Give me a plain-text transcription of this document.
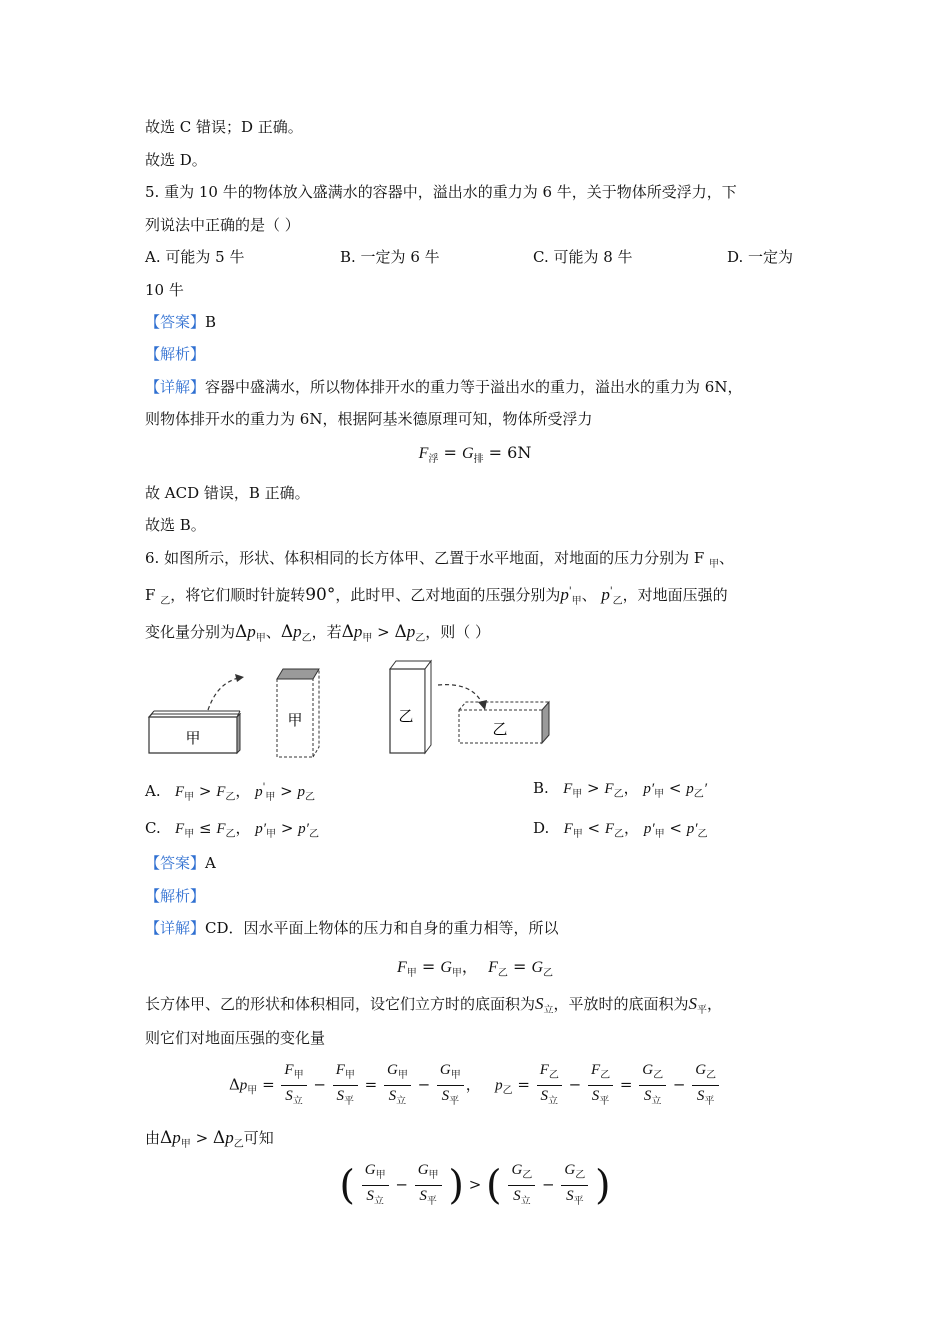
故选 C 错误；D 正确。
故选 D。
5. 重为 10 牛的物体放入盛满水的容器中，溢出水的重力为 6 牛，关于物体所受浮力，下
列说法中正确的是（ ）
A. 可能为 5 牛	B. 一定为 6 牛	C. 可能为 8 牛	D. 一定为
10 牛
【答案】B
【解析】
【详解】容器中盛满水，所以物体排开水的重力等于溢出水的重力，溢出水的重力为 6N，
则物体排开水的重力为 6N，根据阿基米德原理可知，物体所受浮力
$F_浮 = G_排 = 6N$
故 ACD 错误，B 正确。
故选 B。
6. 如图所示，形状、体积相同的长方体甲、乙置于水平地面，对地面的压力分别为 F $_甲$、
F $_乙$，将它们顺时针旋转90°，此时甲、乙对地面的压强分别为$p'_甲$、 $p'_乙$，对地面压强的
变化量分别为$\Delta p_甲$、$\Delta p_乙$，若$\Delta p_甲 > \Delta p_乙$，则（ ）
甲
甲	乙
乙
A. $F_甲 > F_乙$， $p'_甲 > p_乙$
B. $F_甲 > F_乙$， $p'_甲 < p_乙'$
C. $F_甲 \le F_乙$， $p'_甲 > p'_乙$	D. $F_甲 < F_乙$， $p'_甲 < p'_乙$
【答案】A
【解析】
【详解】CD．因水平面上物体的压力和自身的重力相等，所以
$F_甲 = G_甲$，  $F_乙 = G_乙$
长方体甲、乙的形状和体积相同，设它们立方时的底面积为$S_立$，平放时的底面积为$S_平$，
则它们对地面压强的变化量
$\Delta p_甲 = \frac{F_甲}{S_立} - \frac{F_甲}{S_平} = \frac{G_甲}{S_立} - \frac{G_甲}{S_平}$ ，   $p_乙 = \frac{F_乙}{S_立} - \frac{F_乙}{S_平} = \frac{G_乙}{S_立} - \frac{G_乙}{S_平}$
由$\Delta p_甲 > \Delta p_乙$可知
( $\frac{G_甲}{S_立} - \frac{G_甲}{S_平}$ ) > ( $\frac{G_乙}{S_立} - \frac{G_乙}{S_平}$ )
